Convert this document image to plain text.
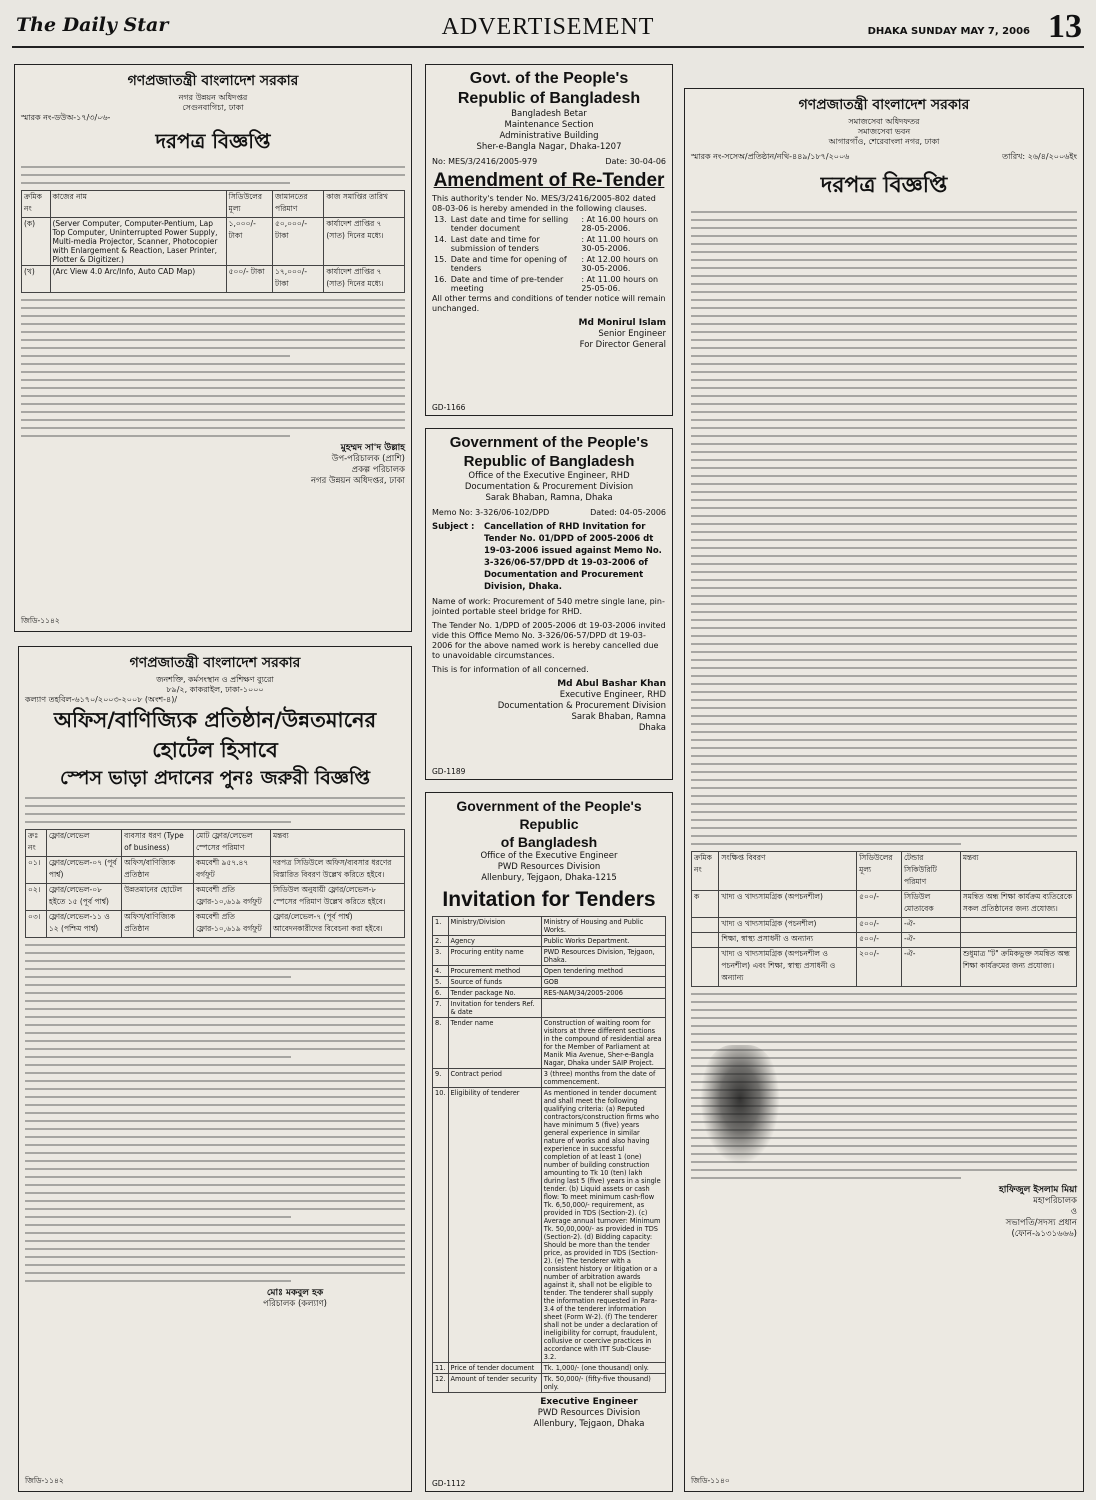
The Daily Star	ADVERTISEMENT	DHAKA SUNDAY MAY 7, 2006 13
গণপ্রজাতন্ত্রী বাংলাদেশ সরকার
নগর উন্নয়ন অধিদপ্তর
সেগুনবাগিচা, ঢাকা
স্মারক নং-ডউঅ-১৭/৩/০৬-
দরপত্র বিজ্ঞপ্তি
ক্রমিক নং	কাজের নাম	সিডিউলের মূল্য	জামানতের পরিমাণ	কাজ সমাপ্তির তারিখ
(ক)	(Server Computer, Computer-Pentium, Lap Top Computer, Uninterrupted Power Supply, Multi-media Projector, Scanner, Photocopier with Enlargement & Reaction, Laser Printer, Plotter & Digitizer.)	১,০০০/- টাকা	৫০,০০০/- টাকা	কার্যাদেশ প্রাপ্তির ৭ (সাত) দিনের মধ্যে।
(খ)	(Arc View 4.0 Arc/Info, Auto CAD Map)	৫০০/- টাকা	১৭,০০০/- টাকা	কার্যাদেশ প্রাপ্তির ৭ (সাত) দিনের মধ্যে।
মুহম্মদ সা'দ উল্লাহ
উপ-পরিচালক (প্রাশি)
প্রকল্প পরিচালক
নগর উন্নয়ন অধিদপ্তর, ঢাকা
জিডি-১১৪২
Govt. of the People's
Republic of Bangladesh
Bangladesh Betar
Maintenance Section
Administrative Building
Sher-e-Bangla Nagar, Dhaka-1207
No: MES/3/2416/2005-979	Date: 30-04-06
Amendment of Re-Tender
This authority's tender No. MES/3/2416/2005-802 dated 08-03-06 is hereby amended in the following clauses.
13.	Last date and time for selling tender document	: At 16.00 hours on 28-05-2006.
14.	Last date and time for submission of tenders	: At 11.00 hours on 30-05-2006.
15.	Date and time for opening of tenders	: At 12.00 hours on 30-05-2006.
16.	Date and time of pre-tender meeting	: At 11.00 hours on 25-05-06.
All other terms and conditions of tender notice will remain unchanged.
Md Monirul Islam
Senior Engineer
For Director General
GD-1166
Government of the People's
Republic of Bangladesh
Office of the Executive Engineer, RHD
Documentation & Procurement Division
Sarak Bhaban, Ramna, Dhaka
Memo No: 3-326/06-102/DPD	Dated: 04-05-2006
Subject :	Cancellation of RHD Invitation for Tender No. 01/DPD of 2005-2006 dt 19-03-2006 issued against Memo No. 3-326/06-57/DPD dt 19-03-2006 of Documentation and Procurement Division, Dhaka.
Name of work: Procurement of 540 metre single lane, pin-jointed portable steel bridge for RHD.
The Tender No. 1/DPD of 2005-2006 dt 19-03-2006 invited vide this Office Memo No. 3-326/06-57/DPD dt 19-03-2006 for the above named work is hereby cancelled due to unavoidable circumstances.
This is for information of all concerned.
Md Abul Bashar Khan
Executive Engineer, RHD
Documentation & Procurement Division
Sarak Bhaban, Ramna
Dhaka
GD-1189
Government of the People's Republic
of Bangladesh
Office of the Executive Engineer
PWD Resources Division
Allenbury, Tejgaon, Dhaka-1215
Invitation for Tenders
1.	Ministry/Division	Ministry of Housing and Public Works.
2.	Agency	Public Works Department.
3.	Procuring entity name	PWD Resources Division, Tejgaon, Dhaka.
4.	Procurement method	Open tendering method
5.	Source of funds	GOB
6.	Tender package No.	RES-NAM/34/2005-2006
7.	Invitation for tenders Ref. & date	
8.	Tender name	Construction of waiting room for visitors at three different sections in the compound of residential area for the Member of Parliament at Manik Mia Avenue, Sher-e-Bangla Nagar, Dhaka under SAIP Project.
9.	Contract period	3 (three) months from the date of commencement.
10.	Eligibility of tenderer	As mentioned in tender document and shall meet the following qualifying criteria: (a) Reputed contractors/construction firms who have minimum 5 (five) years general experience in similar nature of works and also having experience in successful completion of at least 1 (one) number of building construction amounting to Tk 10 (ten) lakh during last 5 (five) years in a single tender. (b) Liquid assets or cash flow: To meet minimum cash-flow Tk. 6,50,000/- requirement, as provided in TDS (Section-2). (c) Average annual turnover: Minimum Tk. 50,00,000/- as provided in TDS (Section-2). (d) Bidding capacity: Should be more than the tender price, as provided in TDS (Section-2). (e) The tenderer with a consistent history or litigation or a number of arbitration awards against it, shall not be eligible to tender. The tenderer shall supply the information requested in Para-3.4 of the tenderer information sheet (Form W-2). (f) The tenderer shall not be under a declaration of ineligibility for corrupt, fraudulent, collusive or coercive practices in accordance with ITT Sub-Clause-3.2.
11.	Price of tender document	Tk. 1,000/- (one thousand) only.
12.	Amount of tender security	Tk. 50,000/- (fifty-five thousand) only.
Executive Engineer
PWD Resources Division
Allenbury, Tejgaon, Dhaka
GD-1112
গণপ্রজাতন্ত্রী বাংলাদেশ সরকার
জনশক্তি, কর্মসংস্থান ও প্রশিক্ষণ ব্যুরো
৮৯/২, কাকরাইল, ঢাকা-১০০০
কল্যাণ তহবিল-৬১৭০/২০০৩-২০০৮ (অংশ-৪)/
অফিস/বাণিজ্যিক প্রতিষ্ঠান/উন্নতমানের হোটেল হিসাবে
স্পেস ভাড়া প্রদানের পুনঃ জরুরী বিজ্ঞপ্তি
ক্রঃ নং	ফ্লোর/লেভেল	ব্যবসার ধরণ (Type of business)	মোট ফ্লোর/লেভেল স্পেসের পরিমাণ	মন্তব্য
০১।	ফ্লোর/লেভেল-০৭ (পূর্ব পার্শ্ব)	অফিস/বাণিজ্যিক প্রতিষ্ঠান	কমবেশী ৯৫৭.৪৭ বর্গফুট	দরপত্র সিডিউলে অফিস/ব্যবসার ধরণের বিস্তারিত বিবরণ উল্লেখ করিতে হইবে।
০২।	ফ্লোর/লেভেল-০৮ হইতে ১৫ (পূর্ব পার্শ্ব)	উন্নতমানের হোটেল	কমবেশী প্রতি ফ্লোর-১০,৬১৯ বর্গফুট	সিডিউল অনুযায়ী ফ্লোর/লেভেল-৮ স্পেসের পরিমাণ উল্লেখ করিতে হইবে।
০৩।	ফ্লোর/লেভেল-১১ ও ১২ (পশ্চিম পার্শ্ব)	অফিস/বাণিজ্যিক প্রতিষ্ঠান	কমবেশী প্রতি ফ্লোর-১০,৬১৯ বর্গফুট	ফ্লোর/লেভেল-৭ (পূর্ব পার্শ্ব) আবেদনকারীদের বিবেচনা করা হইবে।
মোঃ মকবুল হক
পরিচালক (কল্যাণ)
জিডি-১১৪২
গণপ্রজাতন্ত্রী বাংলাদেশ সরকার
সমাজসেবা অধিদফতর
সমাজসেবা ভবন
আগারগাঁও, শেরেবাংলা নগর, ঢাকা
স্মারক নং-সসেঅ/প্রতিষ্ঠান/নথি-৪৪৯/১৮৭/২০০৬	তারিখ: ২৬/৪/২০০৬ইং
দরপত্র বিজ্ঞপ্তি
ক্রমিক নং	সংক্ষিপ্ত বিবরণ	সিডিউলের মূল্য	টেন্ডার সিকিউরিটি পরিমাণ	মন্তব্য
ক	খাদ্য ও খাদ্যসামগ্রিক (অপচনশীল)	৫০০/-	সিডিউল মোতাবেক	সমন্বিত অন্ধ শিক্ষা কার্যক্রম ব্যতিরেকে সকল প্রতিষ্ঠানের জন্য প্রযোজ্য।
	খাদ্য ও খাদ্যসামগ্রিক (পচনশীল)	৫০০/-	-ঐ-	
	শিক্ষা, স্বাস্থ্য প্রসাধনী ও অন্যান্য	৫০০/-	-ঐ-	
	খাদ্য ও খাদ্যসামগ্রিক (অপচনশীল ও পচনশীল) এবং শিক্ষা, স্বাস্থ্য প্রসাধনী ও অন্যান্য	২০০/-	-ঐ-	শুধুমাত্র "ট" ক্রমিকভুক্ত সমন্বিত অন্ধ শিক্ষা কার্যক্রমের জন্য প্রযোজ্য।
হাফিজুল ইসলাম মিয়া
মহাপরিচালক
ও
সভাপতি/সদস্য প্রধান
(ফোন-৯১৩১৬৬৬)
জিডি-১১৪০
